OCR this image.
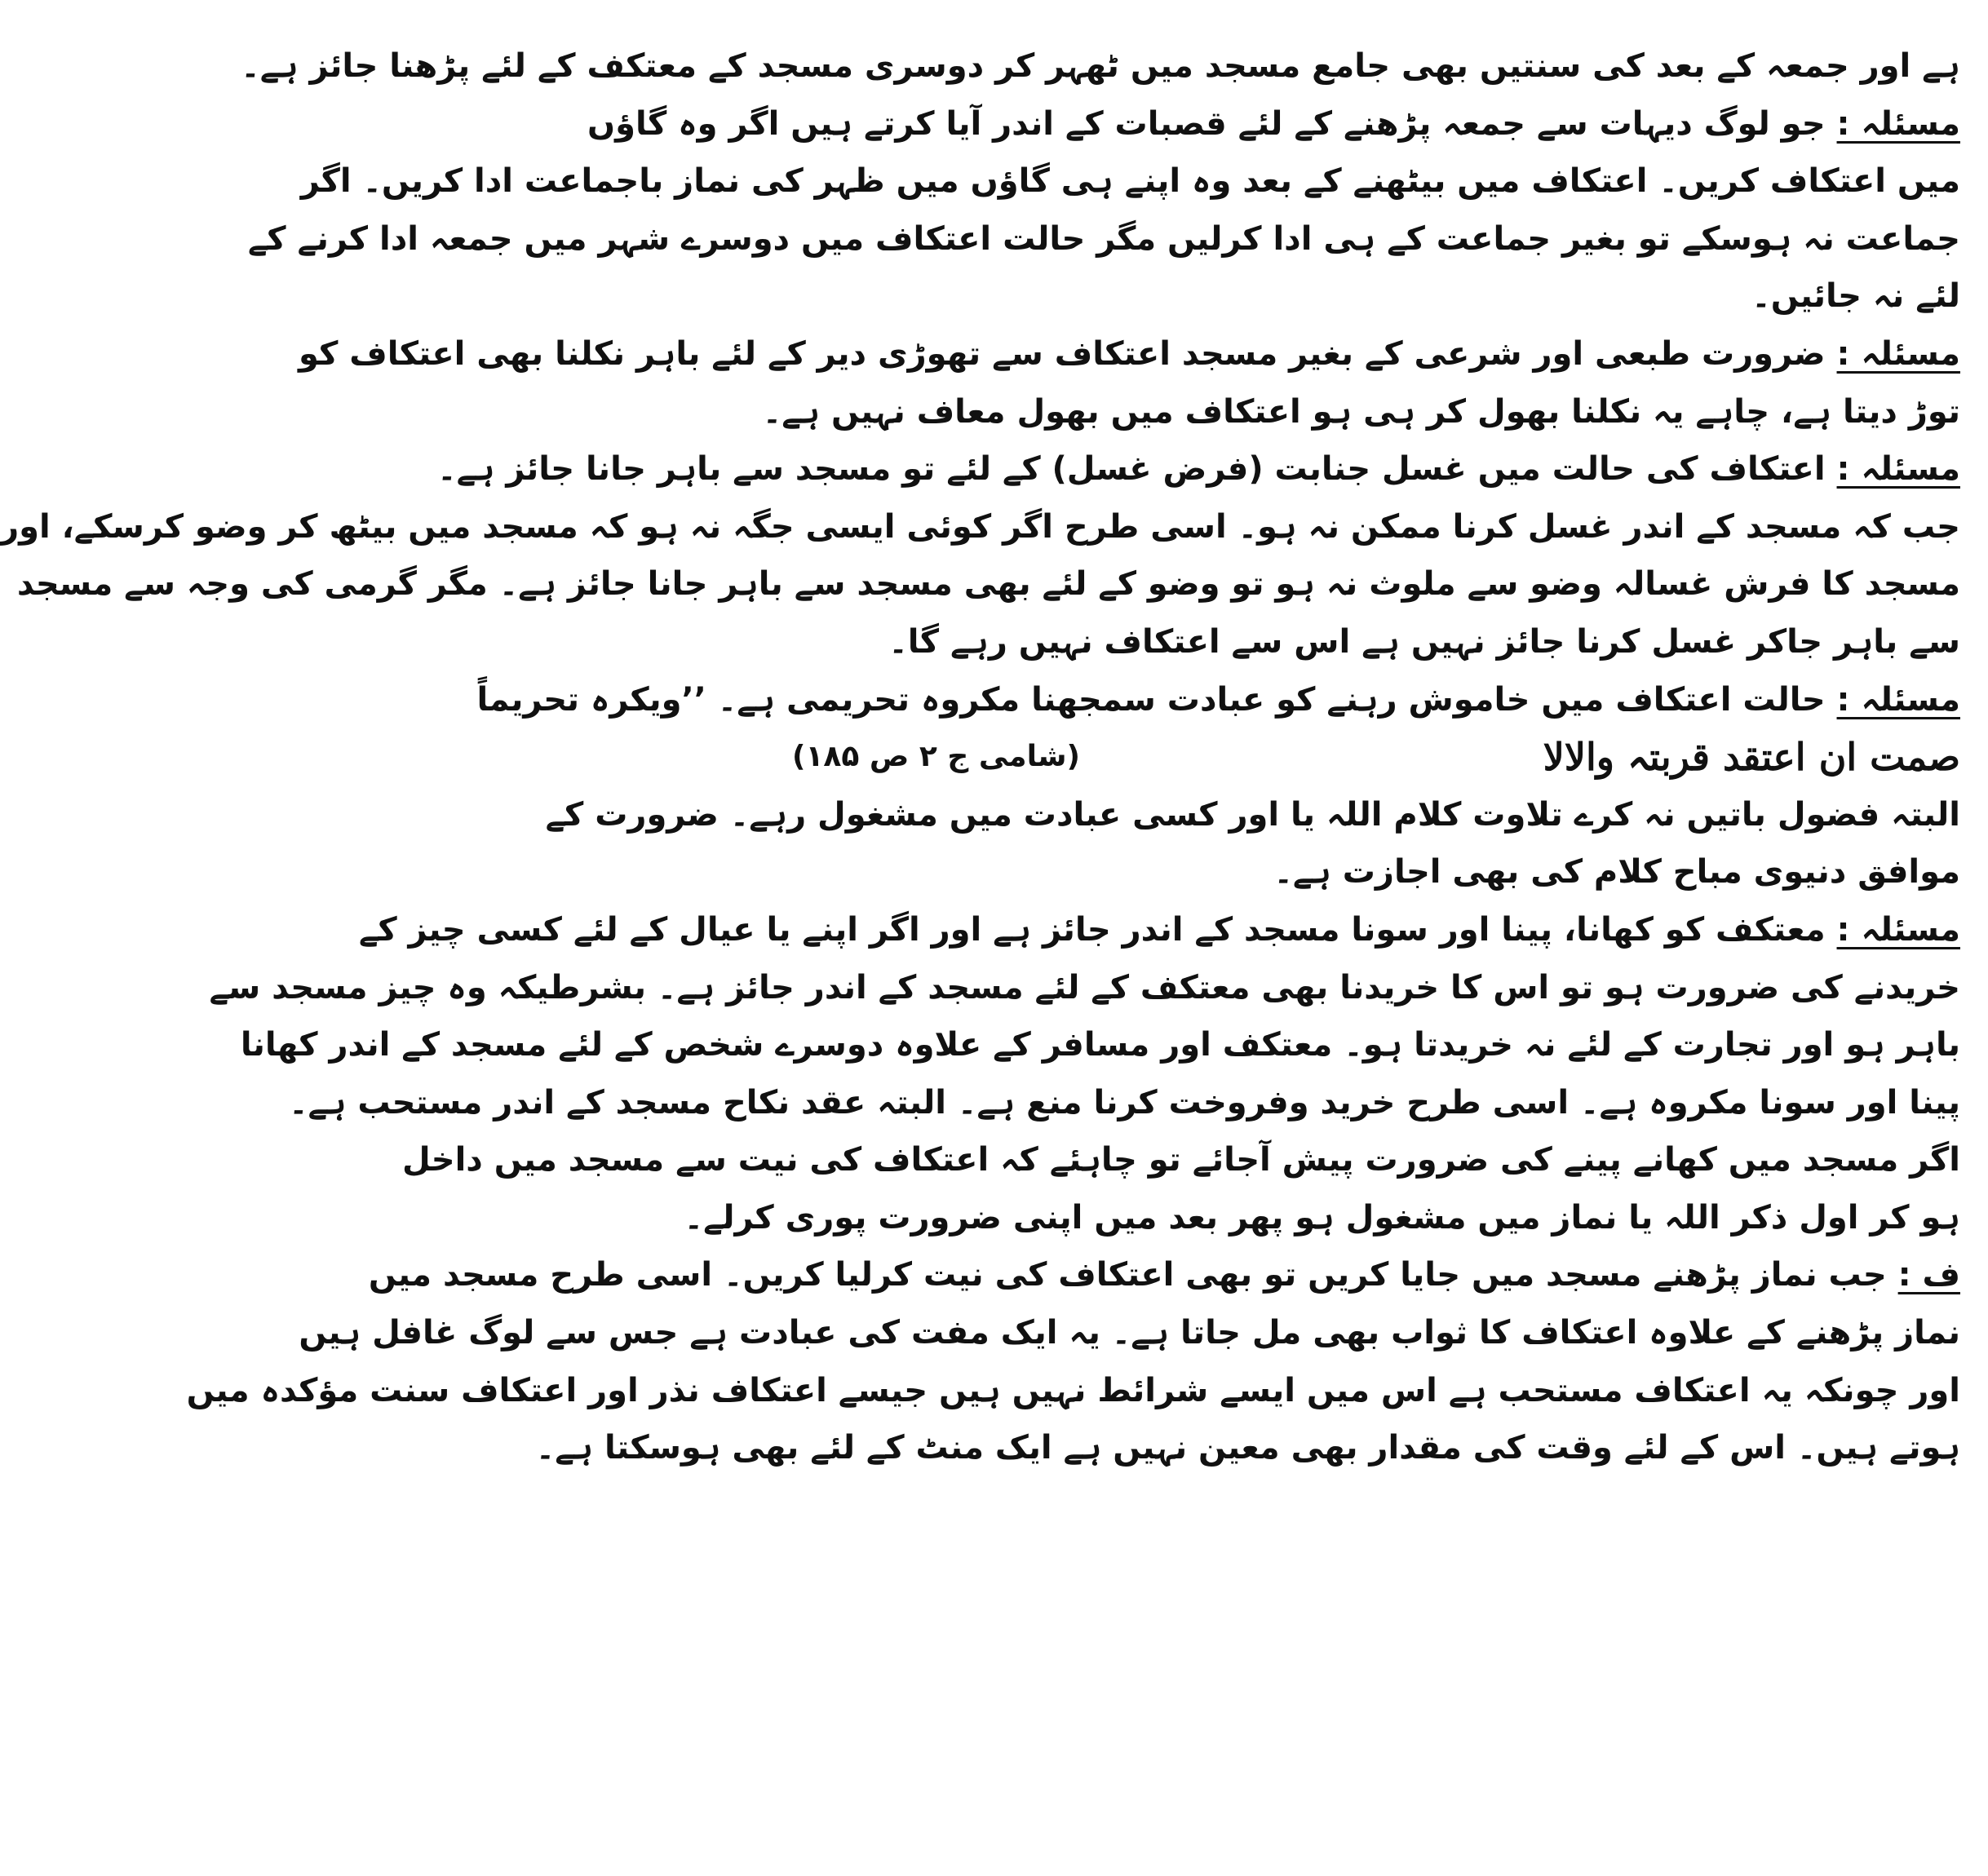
ہے اور جمعہ کے بعد کی سنتیں بھی جامع مسجد میں ٹھہر کر دوسری مسجد کے معتکف کے لئے پڑھنا جائز ہے۔
مسئلہ : جو لوگ دیہات سے جمعہ پڑھنے کے لئے قصبات کے اندر آیا کرتے ہیں اگر وہ گاؤں
میں اعتکاف کریں۔ اعتکاف میں بیٹھنے کے بعد وہ اپنے ہی گاؤں میں ظہر کی نماز باجماعت ادا کریں۔ اگر
جماعت نہ ہوسکے تو بغیر جماعت کے ہی ادا کرلیں مگر حالت اعتکاف میں دوسرے شہر میں جمعہ ادا کرنے کے
لئے نہ جائیں۔
مسئلہ : ضرورت طبعی اور شرعی کے بغیر مسجد اعتکاف سے تھوڑی دیر کے لئے باہر نکلنا بھی اعتکاف کو
توڑ دیتا ہے، چاہے یہ نکلنا بھول کر ہی ہو اعتکاف میں بھول معاف نہیں ہے۔
مسئلہ : اعتکاف کی حالت میں غسل جنابت (فرض غسل) کے لئے تو مسجد سے باہر جانا جائز ہے۔
جب کہ مسجد کے اندر غسل کرنا ممکن نہ ہو۔ اسی طرح اگر کوئی ایسی جگہ نہ ہو کہ مسجد میں بیٹھ کر وضو کرسکے، اور
مسجد کا فرش غسالہ وضو سے ملوث نہ ہو تو وضو کے لئے بھی مسجد سے باہر جانا جائز ہے۔ مگر گرمی کی وجہ سے مسجد
سے باہر جاکر غسل کرنا جائز نہیں ہے اس سے اعتکاف نہیں رہے گا۔
مسئلہ : حالت اعتکاف میں خاموش رہنے کو عبادت سمجھنا مکروہ تحریمی ہے۔ ’’ویکرہ تحریماً
صمت ان اعتقد قربتہ والالا
(شامی ج ۲ ص ۱۸۵)
البتہ فضول باتیں نہ کرے تلاوت کلام اللہ یا اور کسی عبادت میں مشغول رہے۔ ضرورت کے
موافق دنیوی مباح کلام کی بھی اجازت ہے۔
مسئلہ : معتکف کو کھانا، پینا اور سونا مسجد کے اندر جائز ہے اور اگر اپنے یا عیال کے لئے کسی چیز کے
خریدنے کی ضرورت ہو تو اس کا خریدنا بھی معتکف کے لئے مسجد کے اندر جائز ہے۔ بشرطیکہ وہ چیز مسجد سے
باہر ہو اور تجارت کے لئے نہ خریدتا ہو۔ معتکف اور مسافر کے علاوہ دوسرے شخص کے لئے مسجد کے اندر کھانا
پینا اور سونا مکروہ ہے۔ اسی طرح خرید وفروخت کرنا منع ہے۔ البتہ عقد نکاح مسجد کے اندر مستحب ہے۔
اگر مسجد میں کھانے پینے کی ضرورت پیش آجائے تو چاہئے کہ اعتکاف کی نیت سے مسجد میں داخل
ہو کر اول ذکر اللہ یا نماز میں مشغول ہو پھر بعد میں اپنی ضرورت پوری کرلے۔
ف : جب نماز پڑھنے مسجد میں جایا کریں تو بھی اعتکاف کی نیت کرلیا کریں۔ اسی طرح مسجد میں
نماز پڑھنے کے علاوہ اعتکاف کا ثواب بھی مل جاتا ہے۔ یہ ایک مفت کی عبادت ہے جس سے لوگ غافل ہیں
اور چونکہ یہ اعتکاف مستحب ہے اس میں ایسے شرائط نہیں ہیں جیسے اعتکاف نذر اور اعتکاف سنت مؤکدہ میں
ہوتے ہیں۔ اس کے لئے وقت کی مقدار بھی معین نہیں ہے ایک منٹ کے لئے بھی ہوسکتا ہے۔
